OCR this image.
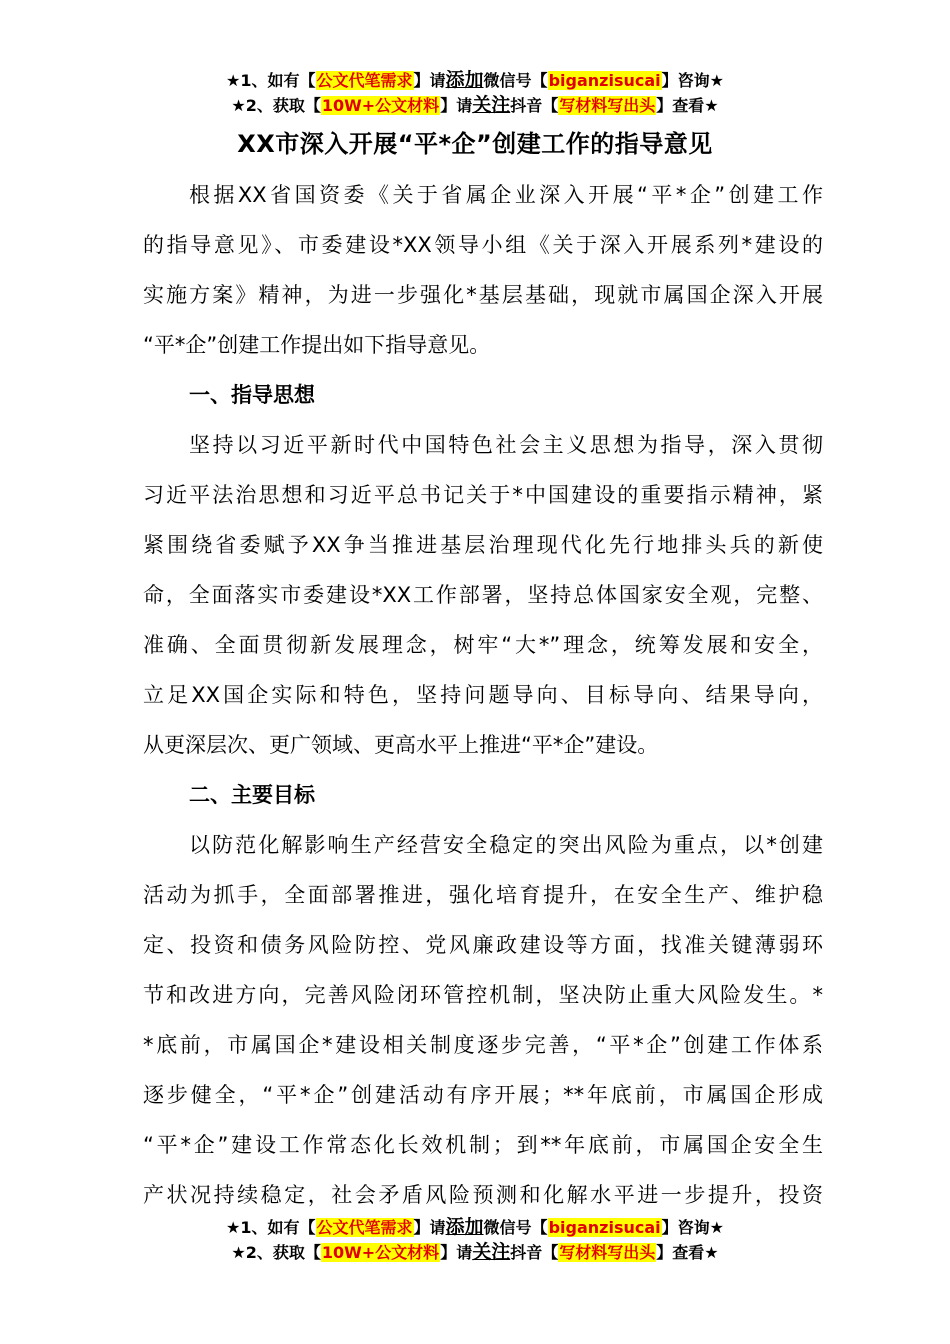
★1、如有【公文代笔需求】请添加微信号【biganzisucai】咨询★
★2、获取【10W+公文材料】请关注抖音【写材料写出头】查看★
XX市深入开展“平*企”创建工作的指导意见
根据XX省国资委《关于省属企业深入开展“平*企”创建工作
的指导意见》、市委建设*XX领导小组《关于深入开展系列*建设的
实施方案》精神，为进一步强化*基层基础，现就市属国企深入开展
“平*企”创建工作提出如下指导意见。
一、指导思想
坚持以习近平新时代中国特色社会主义思想为指导，深入贯彻
习近平法治思想和习近平总书记关于*中国建设的重要指示精神，紧
紧围绕省委赋予XX争当推进基层治理现代化先行地排头兵的新使
命，全面落实市委建设*XX工作部署，坚持总体国家安全观，完整、
准确、全面贯彻新发展理念，树牢“大*”理念，统筹发展和安全，
立足XX国企实际和特色，坚持问题导向、目标导向、结果导向，
从更深层次、更广领域、更高水平上推进“平*企”建设。
二、主要目标
以防范化解影响生产经营安全稳定的突出风险为重点，以*创建
活动为抓手，全面部署推进，强化培育提升，在安全生产、维护稳
定、投资和债务风险防控、党风廉政建设等方面，找准关键薄弱环
节和改进方向，完善风险闭环管控机制，坚决防止重大风险发生。*
*底前，市属国企*建设相关制度逐步完善，“平*企”创建工作体系
逐步健全，“平*企”创建活动有序开展；**年底前，市属国企形成
“平*企”建设工作常态化长效机制；到**年底前，市属国企安全生
产状况持续稳定，社会矛盾风险预测和化解水平进一步提升，投资
★1、如有【公文代笔需求】请添加微信号【biganzisucai】咨询★
★2、获取【10W+公文材料】请关注抖音【写材料写出头】查看★
